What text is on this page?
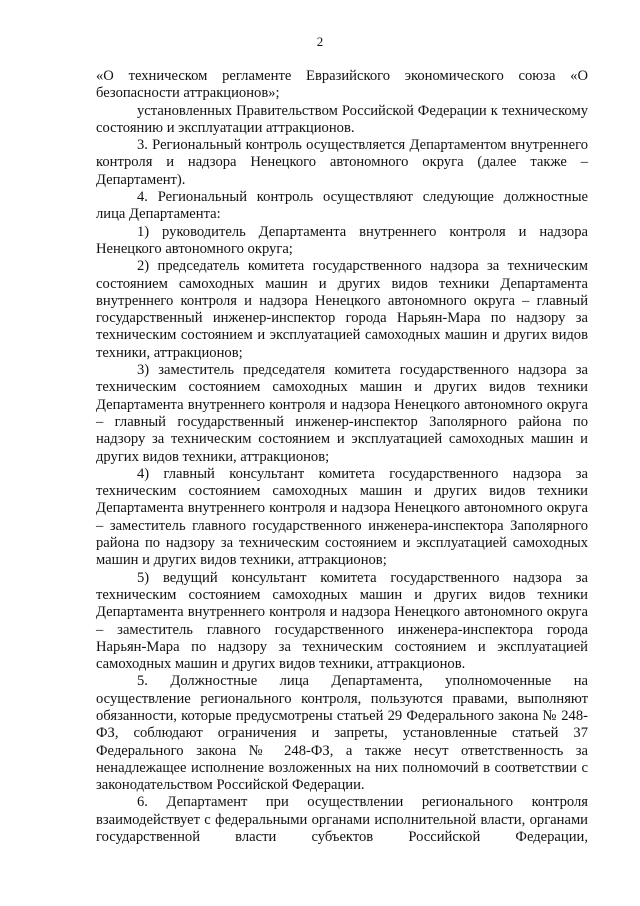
2

«О техническом регламенте Евразийского экономического союза «О безопасности аттракционов»;

установленных Правительством Российской Федерации к техническому состоянию и эксплуатации аттракционов.

3. Региональный контроль осуществляется Департаментом внутреннего контроля и надзора Ненецкого автономного округа (далее также – Департамент).

4. Региональный контроль осуществляют следующие должностные лица Департамента:

1) руководитель Департамента внутреннего контроля и надзора Ненецкого автономного округа;

2) председатель комитета государственного надзора за техническим состоянием самоходных машин и других видов техники Департамента внутреннего контроля и надзора Ненецкого автономного округа – главный государственный инженер-инспектор города Нарьян-Мара по надзору за техническим состоянием и эксплуатацией самоходных машин и других видов техники, аттракционов;

3) заместитель председателя комитета государственного надзора за техническим состоянием самоходных машин и других видов техники Департамента внутреннего контроля и надзора Ненецкого автономного округа – главный государственный инженер-инспектор Заполярного района по надзору за техническим состоянием и эксплуатацией самоходных машин и других видов техники, аттракционов;

4) главный консультант комитета государственного надзора за техническим состоянием самоходных машин и других видов техники Департамента внутреннего контроля и надзора Ненецкого автономного округа – заместитель главного государственного инженера-инспектора Заполярного района по надзору за техническим состоянием и эксплуатацией самоходных машин и других видов техники, аттракционов;

5) ведущий консультант комитета государственного надзора за техническим состоянием самоходных машин и других видов техники Департамента внутреннего контроля и надзора Ненецкого автономного округа – заместитель главного государственного инженера-инспектора города Нарьян-Мара по надзору за техническим состоянием и эксплуатацией самоходных машин и других видов техники, аттракционов.

5. Должностные лица Департамента, уполномоченные на осуществление регионального контроля, пользуются правами, выполняют обязанности, которые предусмотрены статьей 29 Федерального закона № 248-ФЗ, соблюдают ограничения и запреты, установленные статьей 37 Федерального закона № 248-ФЗ, а также несут ответственность за ненадлежащее исполнение возложенных на них полномочий в соответствии с законодательством Российской Федерации.

6. Департамент при осуществлении регионального контроля взаимодействует с федеральными органами исполнительной власти, органами государственной власти субъектов Российской Федерации,
